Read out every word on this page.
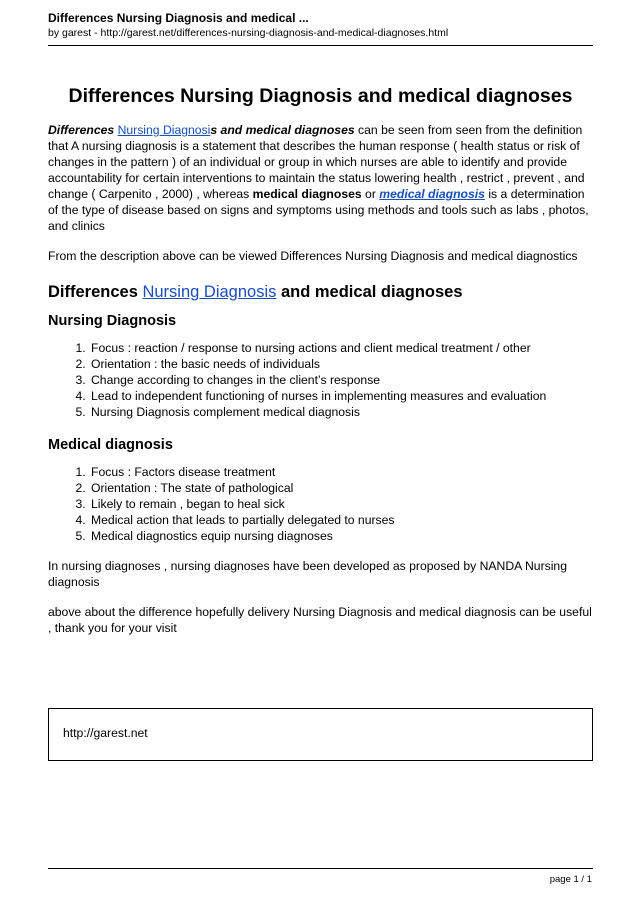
Differences Nursing Diagnosis and medical ...
by garest - http://garest.net/differences-nursing-diagnosis-and-medical-diagnoses.html
Differences Nursing Diagnosis and medical diagnoses

Differences Nursing Diagnosis and medical diagnoses can be seen from seen from the definition that A nursing diagnosis is a statement that describes the human response ( health status or risk of changes in the pattern ) of an individual or group in which nurses are able to identify and provide accountability for certain interventions to maintain the status lowering health , restrict , prevent , and change ( Carpenito , 2000) , whereas medical diagnoses or medical diagnosis is a determination of the type of disease based on signs and symptoms using methods and tools such as labs , photos, and clinics

From the description above can be viewed Differences Nursing Diagnosis and medical diagnostics

Differences Nursing Diagnosis and medical diagnoses
Nursing Diagnosis
1. Focus : reaction / response to nursing actions and client medical treatment / other
2. Orientation : the basic needs of individuals
3. Change according to changes in the client’s response
4. Lead to independent functioning of nurses in implementing measures and evaluation
5. Nursing Diagnosis complement medical diagnosis
Medical diagnosis
1. Focus : Factors disease treatment
2. Orientation : The state of pathological
3. Likely to remain , began to heal sick
4. Medical action that leads to partially delegated to nurses
5. Medical diagnostics equip nursing diagnoses

In nursing diagnoses , nursing diagnoses have been developed as proposed by NANDA Nursing diagnosis

above about the difference hopefully delivery Nursing Diagnosis and medical diagnosis can be useful , thank you for your visit

http://garest.net
page 1 / 1
